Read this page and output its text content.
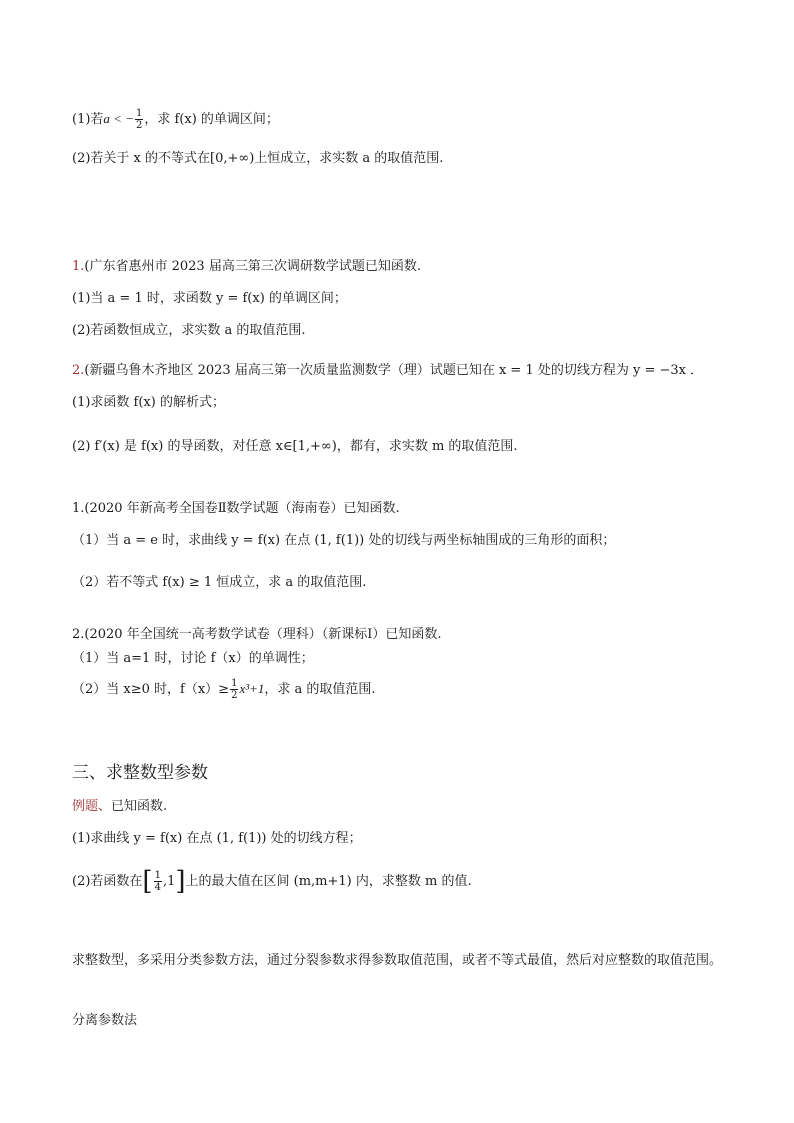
(1)若a < − $\frac{1}{2}$ ，求 f(x) 的单调区间；
(2)若关于 x 的不等式在[0,+∞)上恒成立，求实数 a 的取值范围.
1.(广东省惠州市 2023 届高三第三次调研数学试题已知函数.
(1)当 a = 1 时，求函数 y = f(x) 的单调区间；
(2)若函数恒成立，求实数 a 的取值范围.
2.(新疆乌鲁木齐地区 2023 届高三第一次质量监测数学（理）试题已知在 x = 1 处的切线方程为 y = −3x ．
(1)求函数 f(x) 的解析式；
(2) f′(x) 是 f(x) 的导函数，对任意 x∈[1,+∞)，都有，求实数 m 的取值范围.
1.(2020 年新高考全国卷Ⅱ数学试题（海南卷）已知函数.
（1）当 a = e 时，求曲线 y = f(x) 在点 (1, f(1)) 处的切线与两坐标轴围成的三角形的面积；
（2）若不等式 f(x) ≥ 1 恒成立，求 a 的取值范围.
2.(2020 年全国统一高考数学试卷（理科）（新课标Ⅰ）已知函数.
（1）当 a=1 时，讨论 f（x）的单调性；
（2）当 x≥0 时，$f(x)\ge \frac{1}{2} x^3+1$，求 a 的取值范围.
三、求整数型参数
例题、已知函数.
(1)求曲线 y = f(x) 在点 (1, f(1)) 处的切线方程；
(2)若函数在[ $\frac{1}{4} ,1$]上的最大值在区间 (m,m+1) 内，求整数 m 的值.
求整数型，多采用分类参数方法，通过分裂参数求得参数取值范围，或者不等式最值，然后对应整数的取值范围。
分离参数法
